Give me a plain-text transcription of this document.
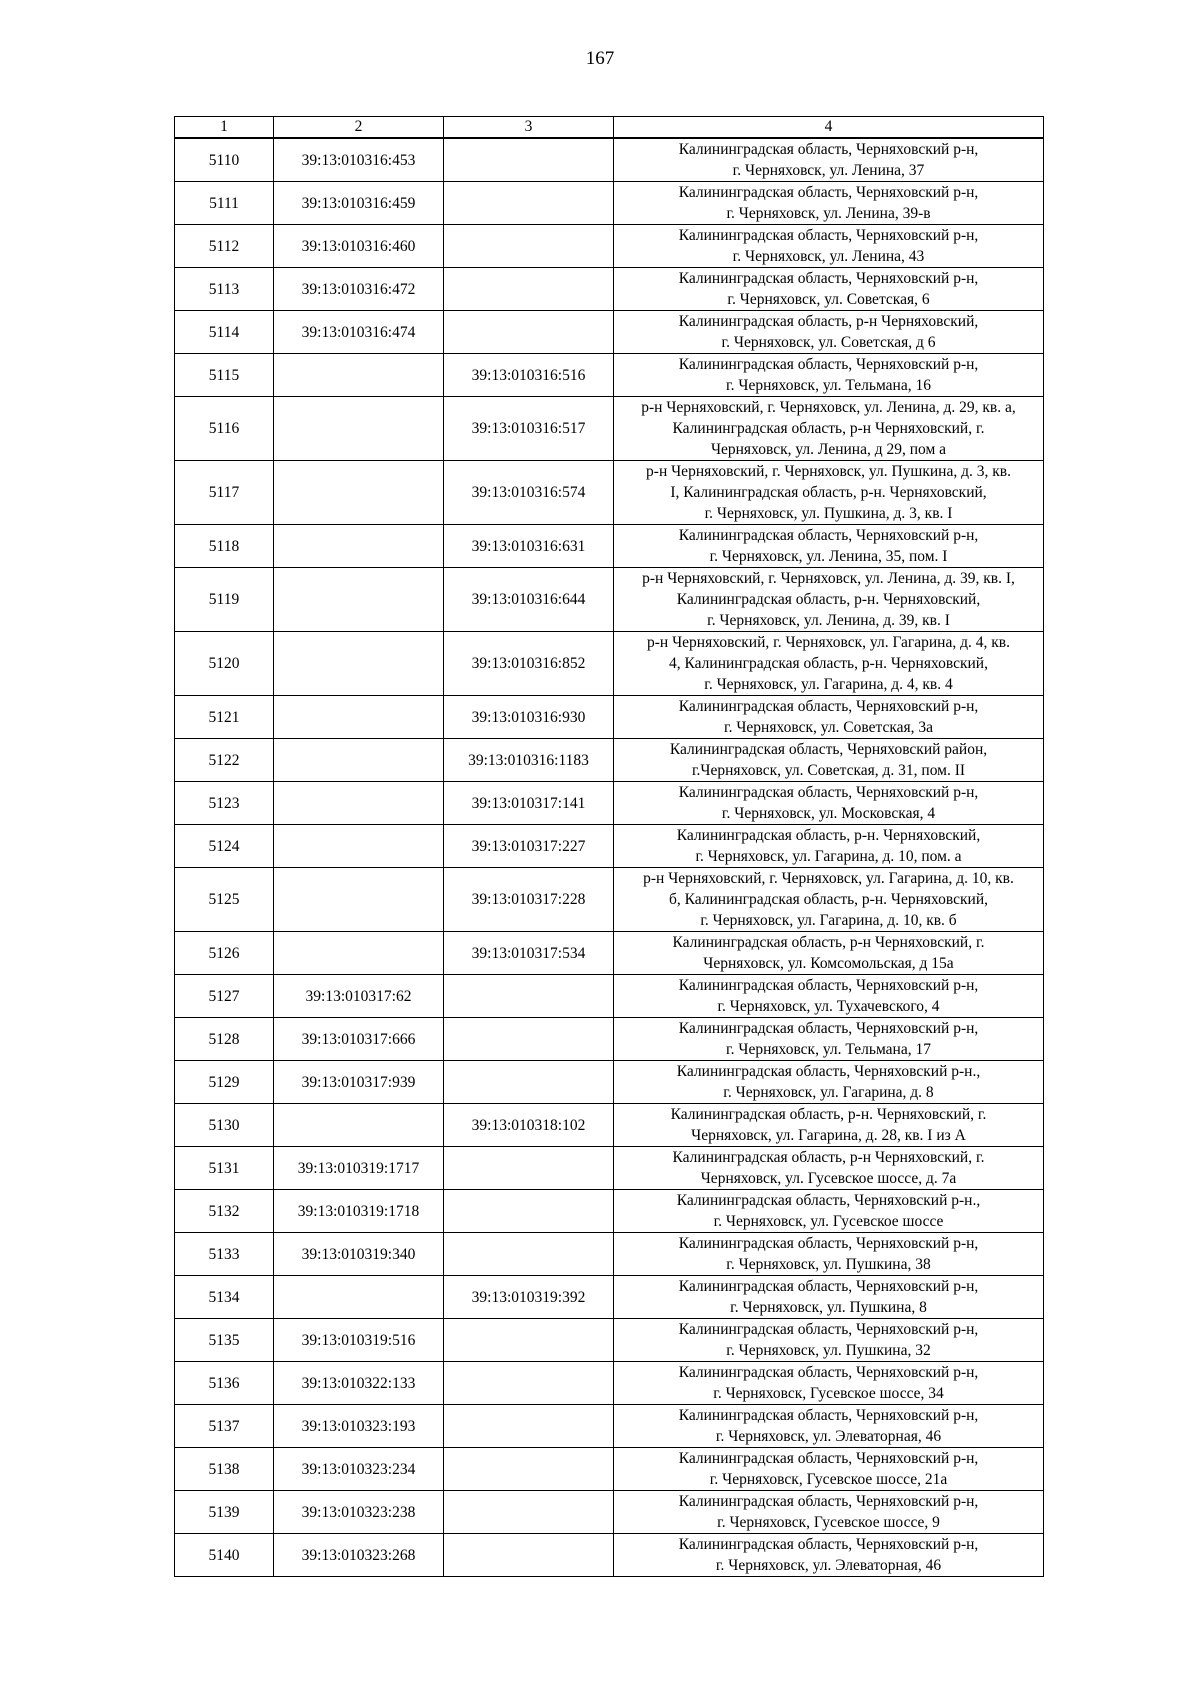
167
1	2	3	4
5110	39:13:010316:453		Калининградская область, Черняховский р-н,
г. Черняховск, ул. Ленина, 37
5111	39:13:010316:459		Калининградская область, Черняховский р-н,
г. Черняховск, ул. Ленина, 39-в
5112	39:13:010316:460		Калининградская область, Черняховский р-н,
г. Черняховск, ул. Ленина, 43
5113	39:13:010316:472		Калининградская область, Черняховский р-н,
г. Черняховск, ул. Советская, 6
5114	39:13:010316:474		Калининградская область, р-н Черняховский,
г. Черняховск, ул. Советская, д 6
5115		39:13:010316:516	Калининградская область, Черняховский р-н,
г. Черняховск, ул. Тельмана, 16
5116		39:13:010316:517	р-н Черняховский, г. Черняховск, ул. Ленина, д. 29, кв. а,
Калининградская область, р-н Черняховский, г.
Черняховск, ул. Ленина, д 29, пом а
5117		39:13:010316:574	р-н Черняховский, г. Черняховск, ул. Пушкина, д. 3, кв.
I, Калининградская область, р-н. Черняховский,
г. Черняховск, ул. Пушкина, д. 3, кв. I
5118		39:13:010316:631	Калининградская область, Черняховский р-н,
г. Черняховск, ул. Ленина, 35, пом. I
5119		39:13:010316:644	р-н Черняховский, г. Черняховск, ул. Ленина, д. 39, кв. I,
Калининградская область, р-н. Черняховский,
г. Черняховск, ул. Ленина, д. 39, кв. I
5120		39:13:010316:852	р-н Черняховский, г. Черняховск, ул. Гагарина, д. 4, кв.
4, Калининградская область, р-н. Черняховский,
г. Черняховск, ул. Гагарина, д. 4, кв. 4
5121		39:13:010316:930	Калининградская область, Черняховский р-н,
г. Черняховск, ул. Советская, 3а
5122		39:13:010316:1183	Калининградская область, Черняховский район,
г.Черняховск, ул. Советская, д. 31, пом. II
5123		39:13:010317:141	Калининградская область, Черняховский р-н,
г. Черняховск, ул. Московская, 4
5124		39:13:010317:227	Калининградская область, р-н. Черняховский,
г. Черняховск, ул. Гагарина, д. 10, пом. а
5125		39:13:010317:228	р-н Черняховский, г. Черняховск, ул. Гагарина, д. 10, кв.
б, Калининградская область, р-н. Черняховский,
г. Черняховск, ул. Гагарина, д. 10, кв. б
5126		39:13:010317:534	Калининградская область, р-н Черняховский, г.
Черняховск, ул. Комсомольская, д 15а
5127	39:13:010317:62		Калининградская область, Черняховский р-н,
г. Черняховск, ул. Тухачевского, 4
5128	39:13:010317:666		Калининградская область, Черняховский р-н,
г. Черняховск, ул. Тельмана, 17
5129	39:13:010317:939		Калининградская область, Черняховский р-н.,
г. Черняховск, ул. Гагарина, д. 8
5130		39:13:010318:102	Калининградская область, р-н. Черняховский, г.
Черняховск, ул. Гагарина, д. 28, кв. I из А
5131	39:13:010319:1717		Калининградская область, р-н Черняховский, г.
Черняховск, ул. Гусевское шоссе, д. 7а
5132	39:13:010319:1718		Калининградская область, Черняховский р-н.,
г. Черняховск, ул. Гусевское шоссе
5133	39:13:010319:340		Калининградская область, Черняховский р-н,
г. Черняховск, ул. Пушкина, 38
5134		39:13:010319:392	Калининградская область, Черняховский р-н,
г. Черняховск, ул. Пушкина, 8
5135	39:13:010319:516		Калининградская область, Черняховский р-н,
г. Черняховск, ул. Пушкина, 32
5136	39:13:010322:133		Калининградская область, Черняховский р-н,
г. Черняховск, Гусевское шоссе, 34
5137	39:13:010323:193		Калининградская область, Черняховский р-н,
г. Черняховск, ул. Элеваторная, 46
5138	39:13:010323:234		Калининградская область, Черняховский р-н,
г. Черняховск, Гусевское шоссе, 21а
5139	39:13:010323:238		Калининградская область, Черняховский р-н,
г. Черняховск, Гусевское шоссе, 9
5140	39:13:010323:268		Калининградская область, Черняховский р-н,
г. Черняховск, ул. Элеваторная, 46
